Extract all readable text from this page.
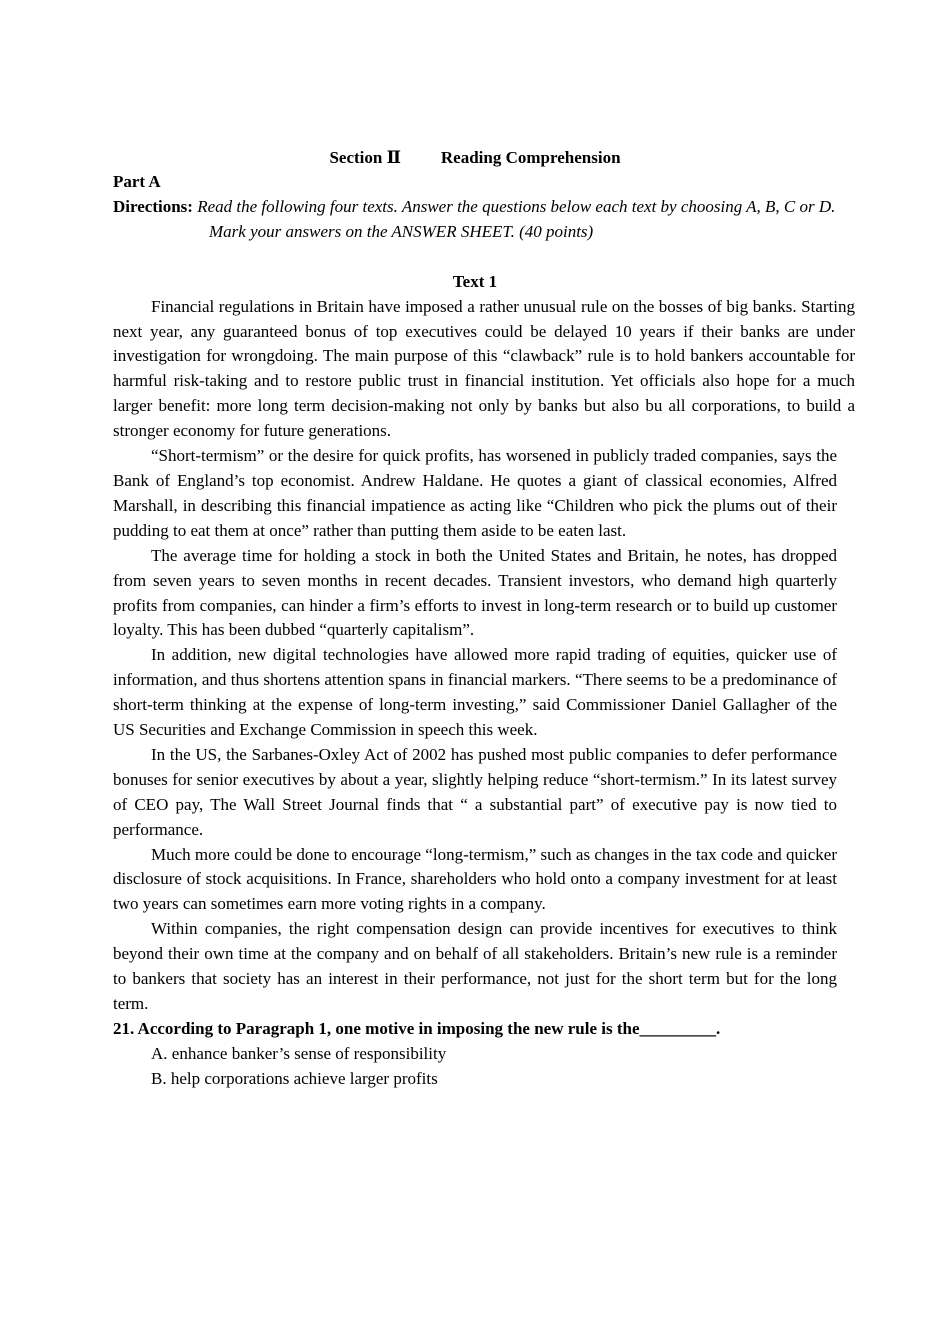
Section Ⅱ Reading Comprehension
Part A
Directions: Read the following four texts. Answer the questions below each text by choosing A, B, C or D. Mark your answers on the ANSWER SHEET. (40 points)
Text 1

Financial regulations in Britain have imposed a rather unusual rule on the bosses of big banks. Starting next year, any guaranteed bonus of top executives could be delayed 10 years if their banks are under investigation for wrongdoing. The main purpose of this “clawback” rule is to hold bankers accountable for harmful risk-taking and to restore public trust in financial institution. Yet officials also hope for a much larger benefit: more long term decision-making not only by banks but also bu all corporations, to build a stronger economy for future generations.

“Short-termism” or the desire for quick profits, has worsened in publicly traded companies, says the Bank of England’s top economist. Andrew Haldane. He quotes a giant of classical economies, Alfred Marshall, in describing this financial impatience as acting like “Children who pick the plums out of their pudding to eat them at once” rather than putting them aside to be eaten last.

The average time for holding a stock in both the United States and Britain, he notes, has dropped from seven years to seven months in recent decades. Transient investors, who demand high quarterly profits from companies, can hinder a firm’s efforts to invest in long-term research or to build up customer loyalty. This has been dubbed “quarterly capitalism”.

In addition, new digital technologies have allowed more rapid trading of equities, quicker use of information, and thus shortens attention spans in financial markers. “There seems to be a predominance of short-term thinking at the expense of long-term investing,” said Commissioner Daniel Gallagher of the US Securities and Exchange Commission in speech this week.

In the US, the Sarbanes-Oxley Act of 2002 has pushed most public companies to defer performance bonuses for senior executives by about a year, slightly helping reduce “short-termism.” In its latest survey of CEO pay, The Wall Street Journal finds that “ a substantial part” of executive pay is now tied to performance.

Much more could be done to encourage “long-termism,” such as changes in the tax code and quicker disclosure of stock acquisitions. In France, shareholders who hold onto a company investment for at least two years can sometimes earn more voting rights in a company.

Within companies, the right compensation design can provide incentives for executives to think beyond their own time at the company and on behalf of all stakeholders. Britain’s new rule is a reminder to bankers that society has an interest in their performance, not just for the short term but for the long term.

21. According to Paragraph 1, one motive in imposing the new rule is the_________.
A. enhance banker’s sense of responsibility
B. help corporations achieve larger profits
